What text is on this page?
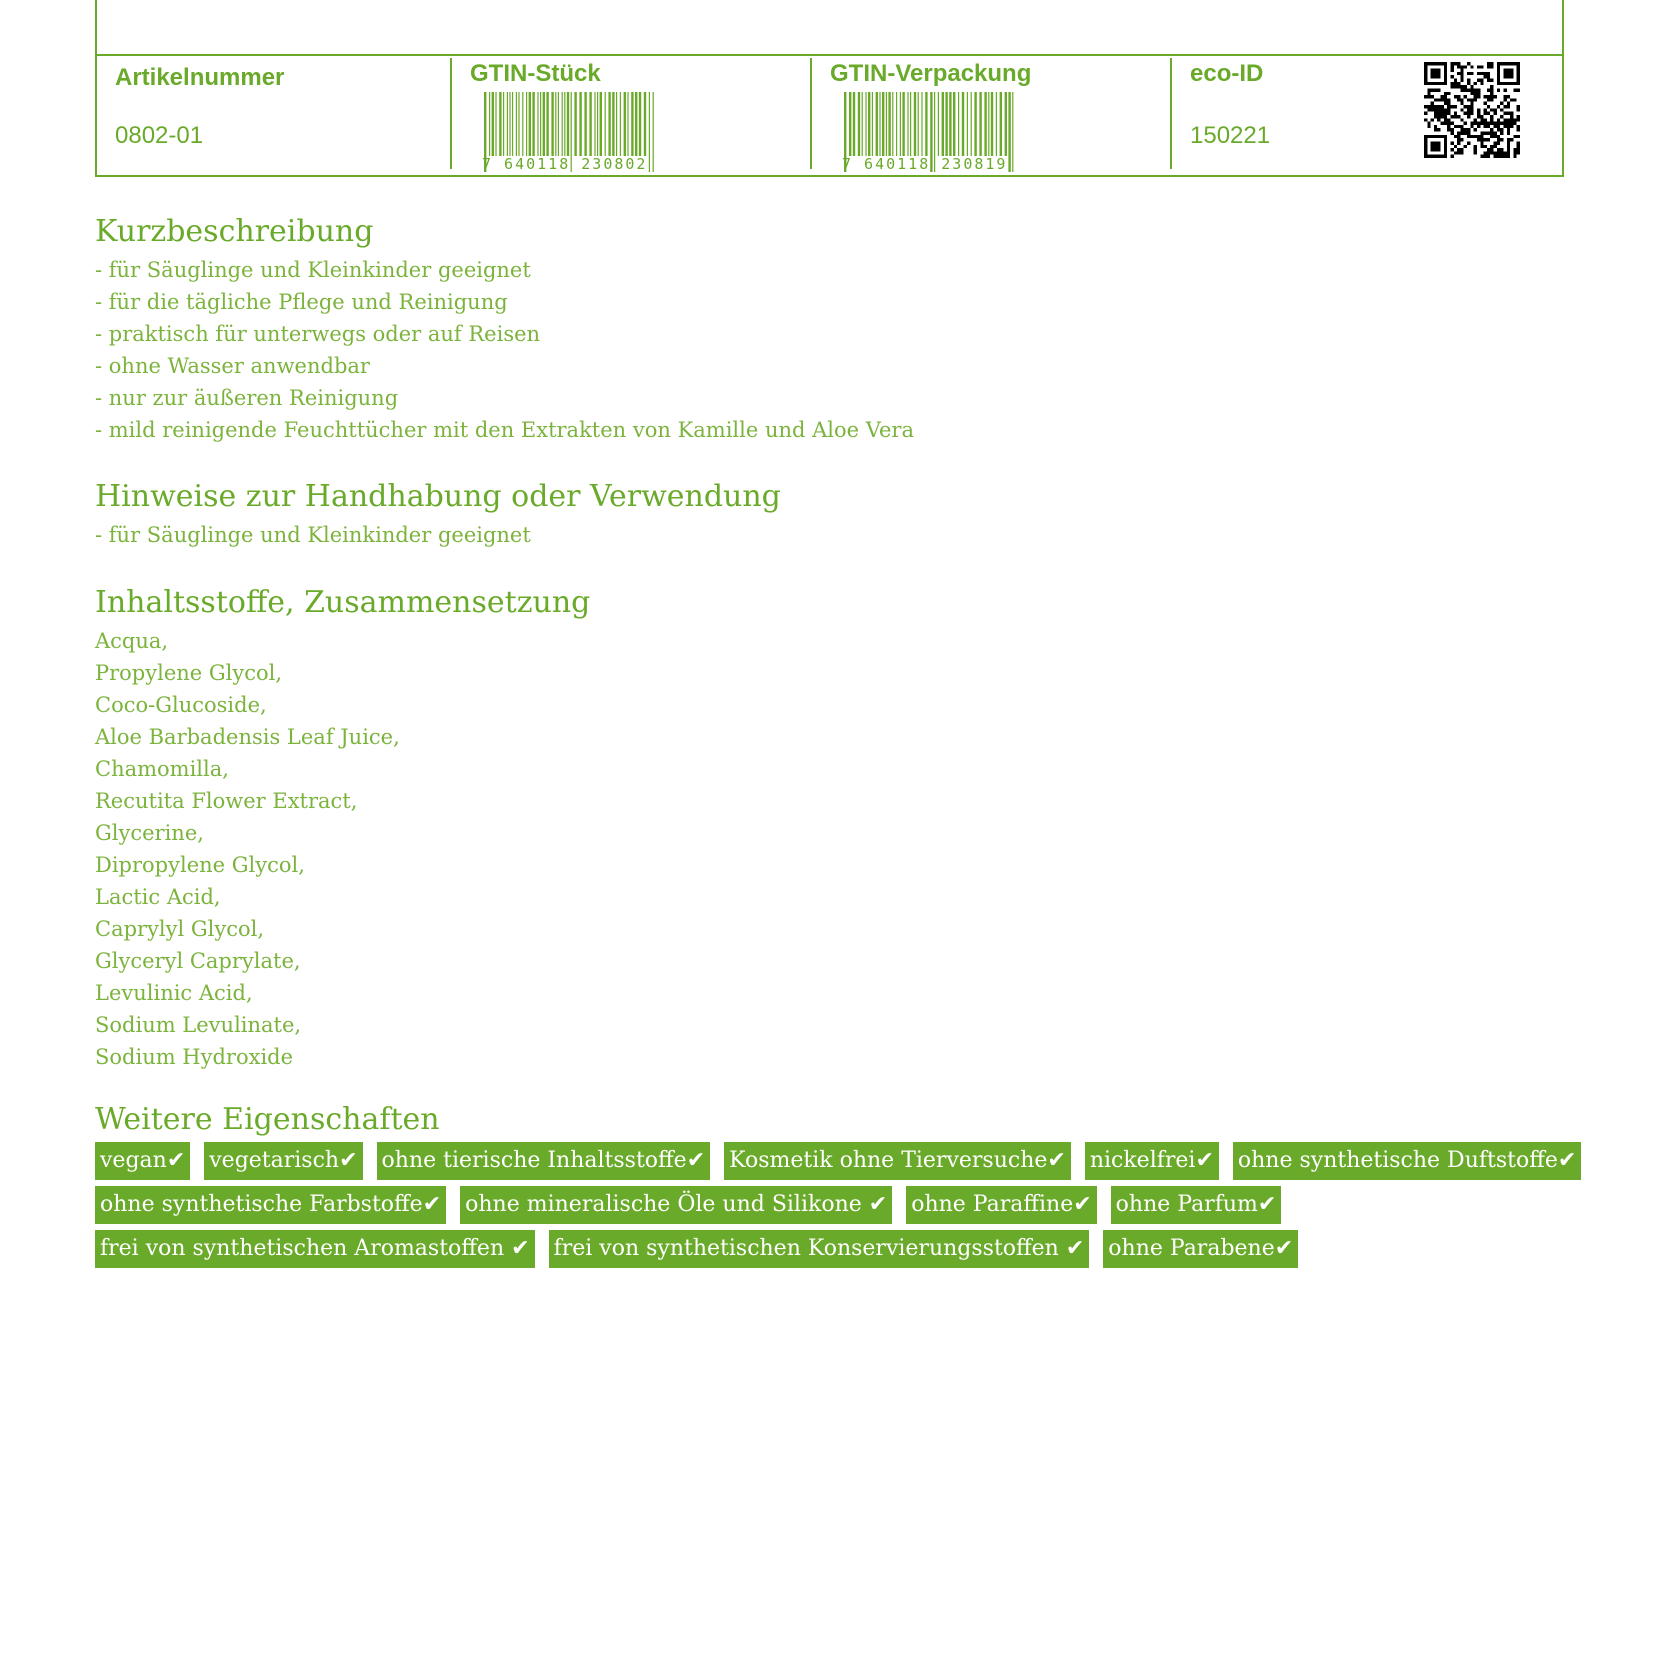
Artikelnummer
0802-01
GTIN-Stück
7 640118 230802
GTIN-Verpackung
7 640118 230819
eco-ID
150221
Kurzbeschreibung
- für Säuglinge und Kleinkinder geeignet
- für die tägliche Pflege und Reinigung
- praktisch für unterwegs oder auf Reisen
- ohne Wasser anwendbar
- nur zur äußeren Reinigung
- mild reinigende Feuchttücher mit den Extrakten von Kamille und Aloe Vera
Hinweise zur Handhabung oder Verwendung
- für Säuglinge und Kleinkinder geeignet
Inhaltsstoffe, Zusammensetzung
Acqua,
Propylene Glycol,
Coco-Glucoside,
Aloe Barbadensis Leaf Juice,
Chamomilla,
Recutita Flower Extract,
Glycerine,
Dipropylene Glycol,
Lactic Acid,
Caprylyl Glycol,
Glyceryl Caprylate,
Levulinic Acid,
Sodium Levulinate,
Sodium Hydroxide
Weitere Eigenschaften
vegan✔ vegetarisch✔ ohne tierische Inhaltsstoffe✔ Kosmetik ohne Tierversuche✔ nickelfrei✔ ohne synthetische Duftstoffe✔
ohne synthetische Farbstoffe✔ ohne mineralische Öle und Silikone ✔ ohne Paraffine✔ ohne Parfum✔
frei von synthetischen Aromastoffen ✔ frei von synthetischen Konservierungsstoffen ✔ ohne Parabene✔
